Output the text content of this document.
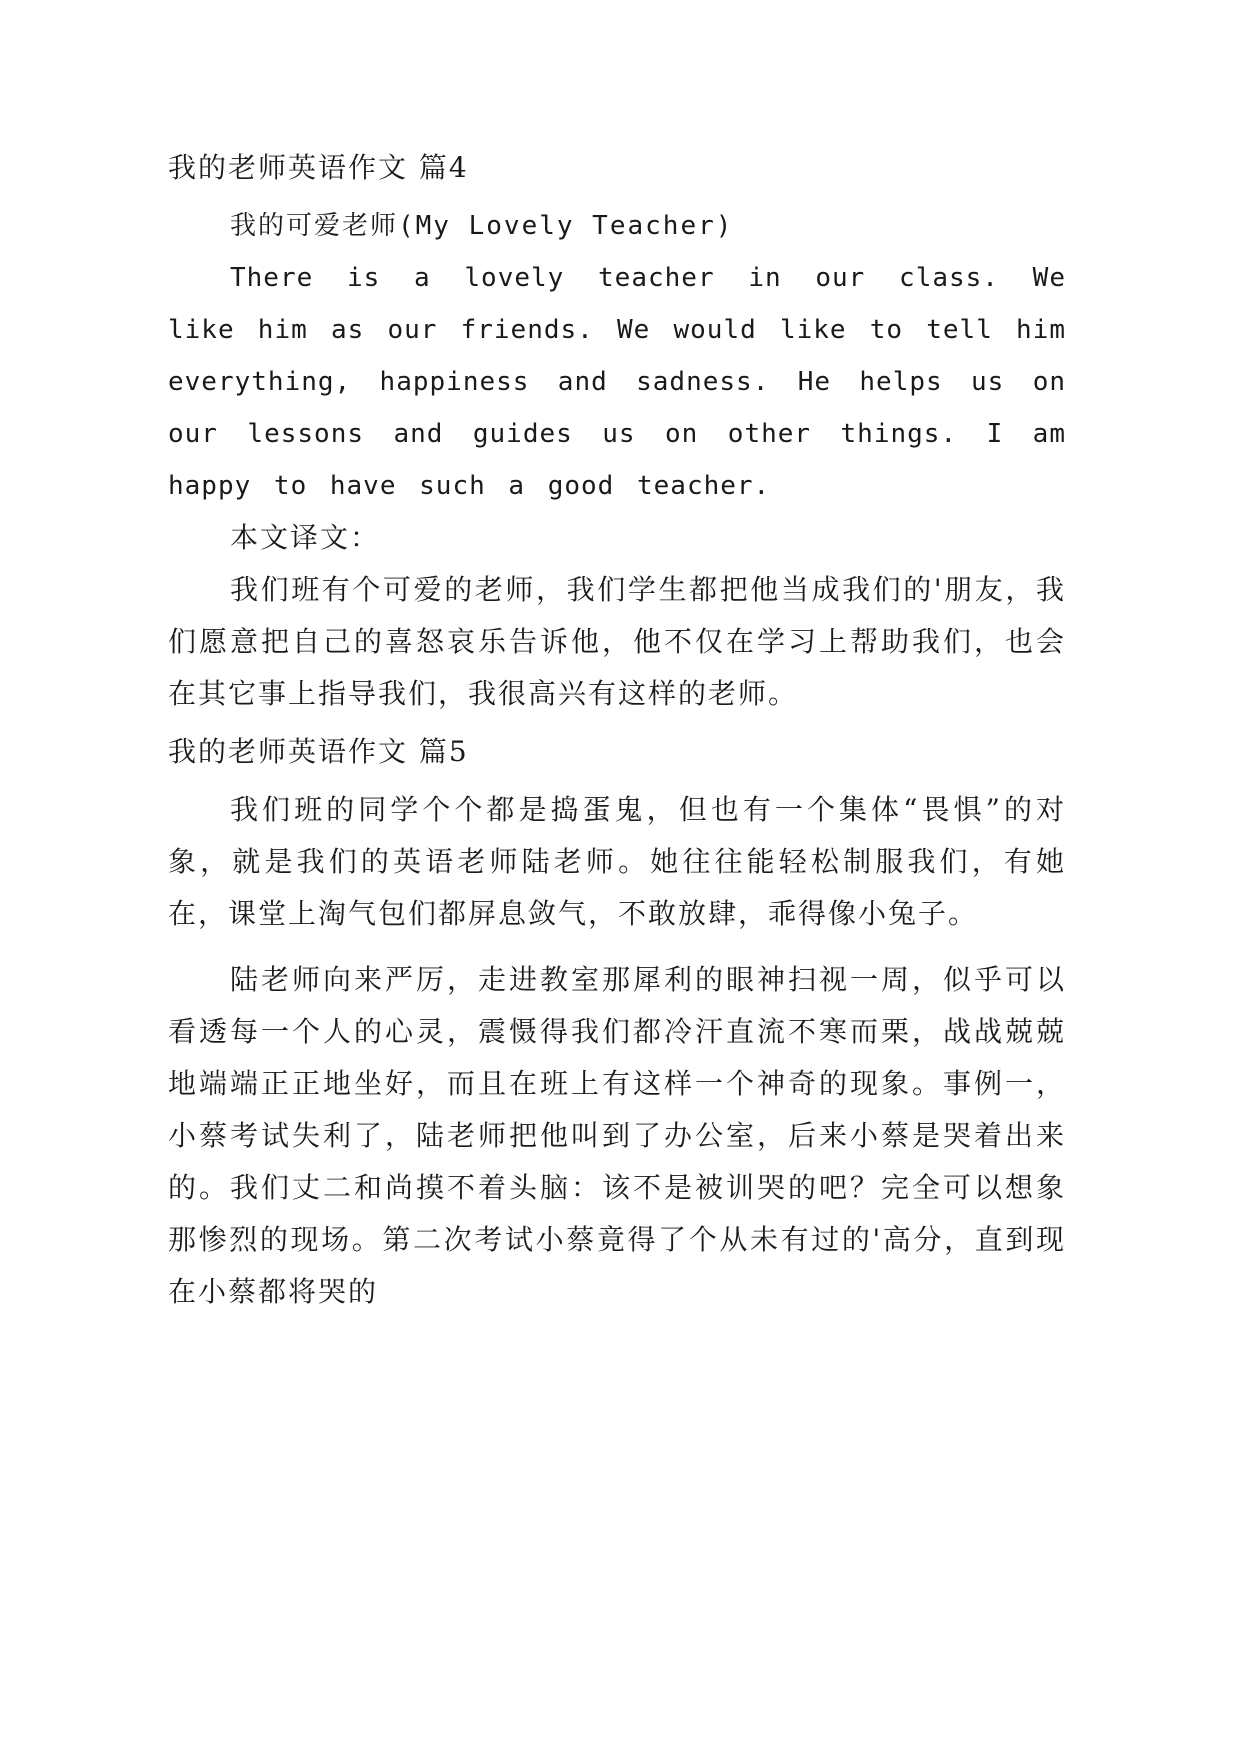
我的老师英语作文 篇4

我的可爱老师(My Lovely Teacher)

There is a lovely teacher in our class. We like him as our friends. We would like to tell him everything, happiness and sadness. He helps us on our lessons and guides us on other things. I am happy to have such a good teacher.

本文译文：

我们班有个可爱的老师，我们学生都把他当成我们的'朋友，我们愿意把自己的喜怒哀乐告诉他，他不仅在学习上帮助我们，也会在其它事上指导我们，我很高兴有这样的老师。

我的老师英语作文 篇5

我们班的同学个个都是捣蛋鬼，但也有一个集体“畏惧”的对象，就是我们的英语老师陆老师。她往往能轻松制服我们，有她在，课堂上淘气包们都屏息敛气，不敢放肆，乖得像小兔子。

陆老师向来严厉，走进教室那犀利的眼神扫视一周，似乎可以看透每一个人的心灵，震慑得我们都冷汗直流不寒而栗，战战兢兢地端端正正地坐好，而且在班上有这样一个神奇的现象。事例一，小蔡考试失利了，陆老师把他叫到了办公室，后来小蔡是哭着出来的。我们丈二和尚摸不着头脑：该不是被训哭的吧？完全可以想象那惨烈的现场。第二次考试小蔡竟得了个从未有过的'高分，直到现在小蔡都将哭的
